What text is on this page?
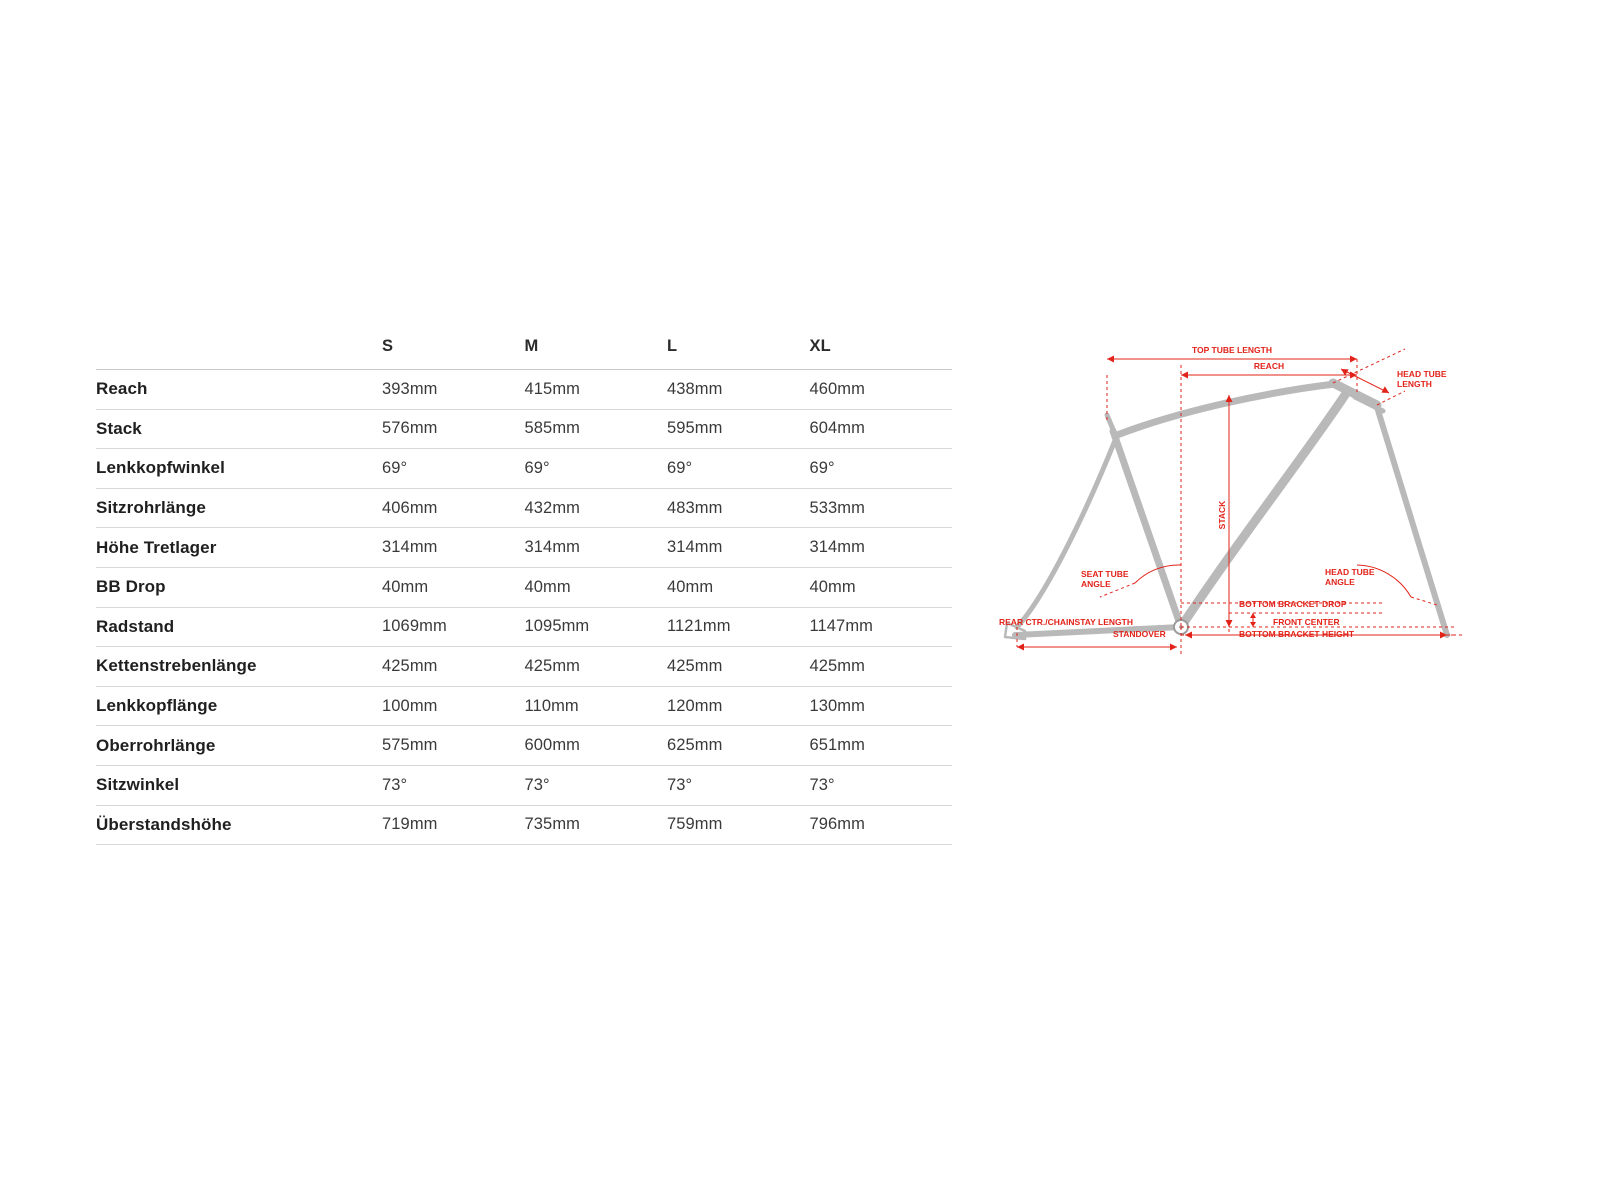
	S	M	L	XL
Reach	393mm	415mm	438mm	460mm
Stack	576mm	585mm	595mm	604mm
Lenkkopfwinkel	69°	69°	69°	69°
Sitzrohrlänge	406mm	432mm	483mm	533mm
Höhe Tretlager	314mm	314mm	314mm	314mm
BB Drop	40mm	40mm	40mm	40mm
Radstand	1069mm	1095mm	1121mm	1147mm
Kettenstrebenlänge	425mm	425mm	425mm	425mm
Lenkkopflänge	100mm	110mm	120mm	130mm
Oberrohrlänge	575mm	600mm	625mm	651mm
Sitzwinkel	73°	73°	73°	73°
Überstandshöhe	719mm	735mm	759mm	796mm
TOP TUBE LENGTH
REACH
HEAD TUBE
LENGTH
STACK
SEAT TUBE
ANGLE
HEAD TUBE
ANGLE
BOTTOM BRACKET DROP
REAR CTR./CHAINSTAY LENGTH
STANDOVER
FRONT CENTER
BOTTOM BRACKET HEIGHT
